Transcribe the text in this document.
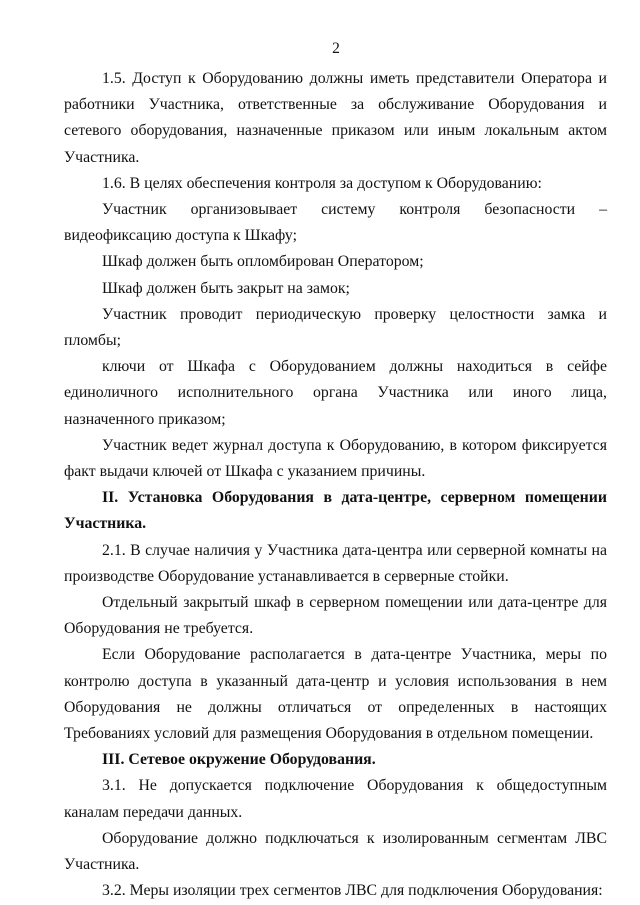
2

1.5. Доступ к Оборудованию должны иметь представители Оператора и работники Участника, ответственные за обслуживание Оборудования и сетевого оборудования, назначенные приказом или иным локальным актом Участника.

1.6. В целях обеспечения контроля за доступом к Оборудованию:

Участник организовывает систему контроля безопасности – видеофиксацию доступа к Шкафу;

Шкаф должен быть опломбирован Оператором;

Шкаф должен быть закрыт на замок;

Участник проводит периодическую проверку целостности замка и пломбы;

ключи от Шкафа с Оборудованием должны находиться в сейфе единоличного исполнительного органа Участника или иного лица, назначенного приказом;

Участник ведет журнал доступа к Оборудованию, в котором фиксируется факт выдачи ключей от Шкафа с указанием причины.

II. Установка Оборудования в дата-центре, серверном помещении Участника.

2.1. В случае наличия у Участника дата-центра или серверной комнаты на производстве Оборудование устанавливается в серверные стойки.

Отдельный закрытый шкаф в серверном помещении или дата-центре для Оборудования не требуется.

Если Оборудование располагается в дата-центре Участника, меры по контролю доступа в указанный дата-центр и условия использования в нем Оборудования не должны отличаться от определенных в настоящих Требованиях условий для размещения Оборудования в отдельном помещении.

III. Сетевое окружение Оборудования.

3.1. Не допускается подключение Оборудования к общедоступным каналам передачи данных.

Оборудование должно подключаться к изолированным сегментам ЛВС Участника.

3.2. Меры изоляции трех сегментов ЛВС для подключения Оборудования:
